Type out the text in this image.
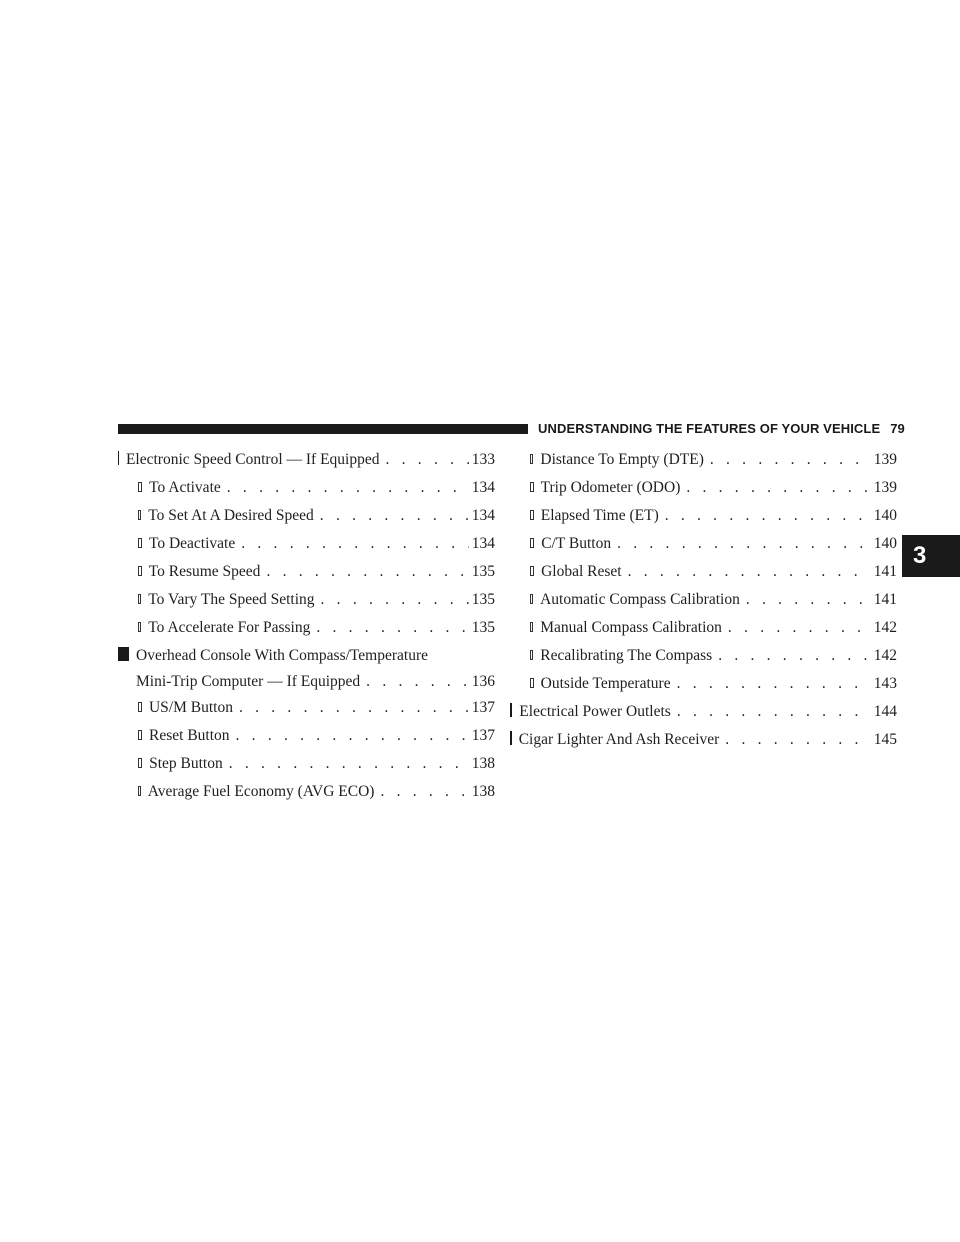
UNDERSTANDING THE FEATURES OF YOUR VEHICLE 79
3
Electronic Speed Control — If Equipped . . .	133
To Activate . . .	134
To Set At A Desired Speed . . .	134
To Deactivate . . .	134
To Resume Speed . . .	135
To Vary The Speed Setting . . .	135
To Accelerate For Passing . . .	135
Overhead Console With Compass/Temperature
Mini-Trip Computer — If Equipped . . .	136
US/M Button . . .	137
Reset Button . . .	137
Step Button . . .	138
Average Fuel Economy (AVG ECO) . . .	138
Distance To Empty (DTE) . . .	139
Trip Odometer (ODO) . . .	139
Elapsed Time (ET) . . .	140
C/T Button . . .	140
Global Reset . . .	141
Automatic Compass Calibration . . .	141
Manual Compass Calibration . . .	142
Recalibrating The Compass . . .	142
Outside Temperature . . .	143
Electrical Power Outlets . . .	144
Cigar Lighter And Ash Receiver . . .	145
